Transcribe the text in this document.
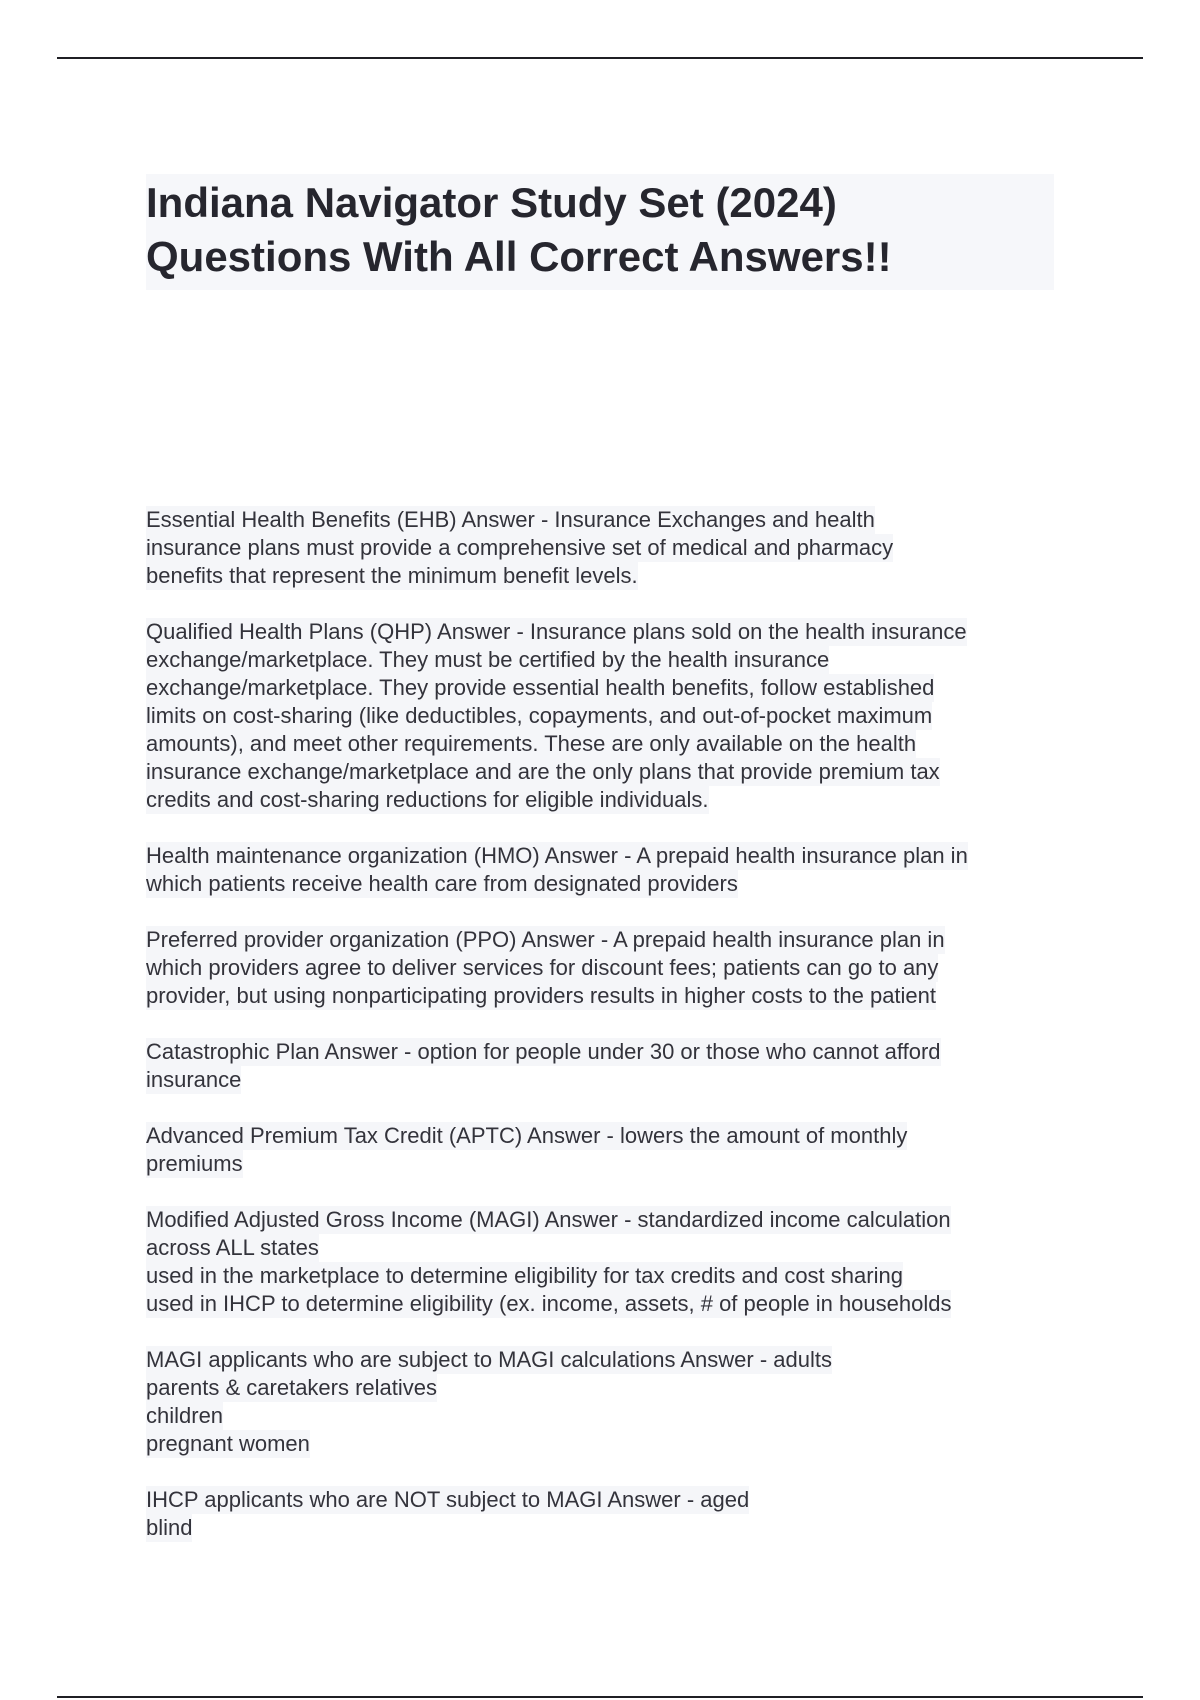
Indiana Navigator Study Set (2024)
Questions With All Correct Answers!!
Essential Health Benefits (EHB) Answer - Insurance Exchanges and health
insurance plans must provide a comprehensive set of medical and pharmacy
benefits that represent the minimum benefit levels.
Qualified Health Plans (QHP) Answer - Insurance plans sold on the health insurance
exchange/marketplace. They must be certified by the health insurance
exchange/marketplace. They provide essential health benefits, follow established
limits on cost-sharing (like deductibles, copayments, and out-of-pocket maximum
amounts), and meet other requirements. These are only available on the health
insurance exchange/marketplace and are the only plans that provide premium tax
credits and cost-sharing reductions for eligible individuals.
Health maintenance organization (HMO) Answer - A prepaid health insurance plan in
which patients receive health care from designated providers
Preferred provider organization (PPO) Answer - A prepaid health insurance plan in
which providers agree to deliver services for discount fees; patients can go to any
provider, but using nonparticipating providers results in higher costs to the patient
Catastrophic Plan Answer - option for people under 30 or those who cannot afford
insurance
Advanced Premium Tax Credit (APTC) Answer - lowers the amount of monthly
premiums
Modified Adjusted Gross Income (MAGI) Answer - standardized income calculation
across ALL states
used in the marketplace to determine eligibility for tax credits and cost sharing
used in IHCP to determine eligibility (ex. income, assets, # of people in households
MAGI applicants who are subject to MAGI calculations Answer - adults
parents & caretakers relatives
children
pregnant women
IHCP applicants who are NOT subject to MAGI Answer - aged
blind
